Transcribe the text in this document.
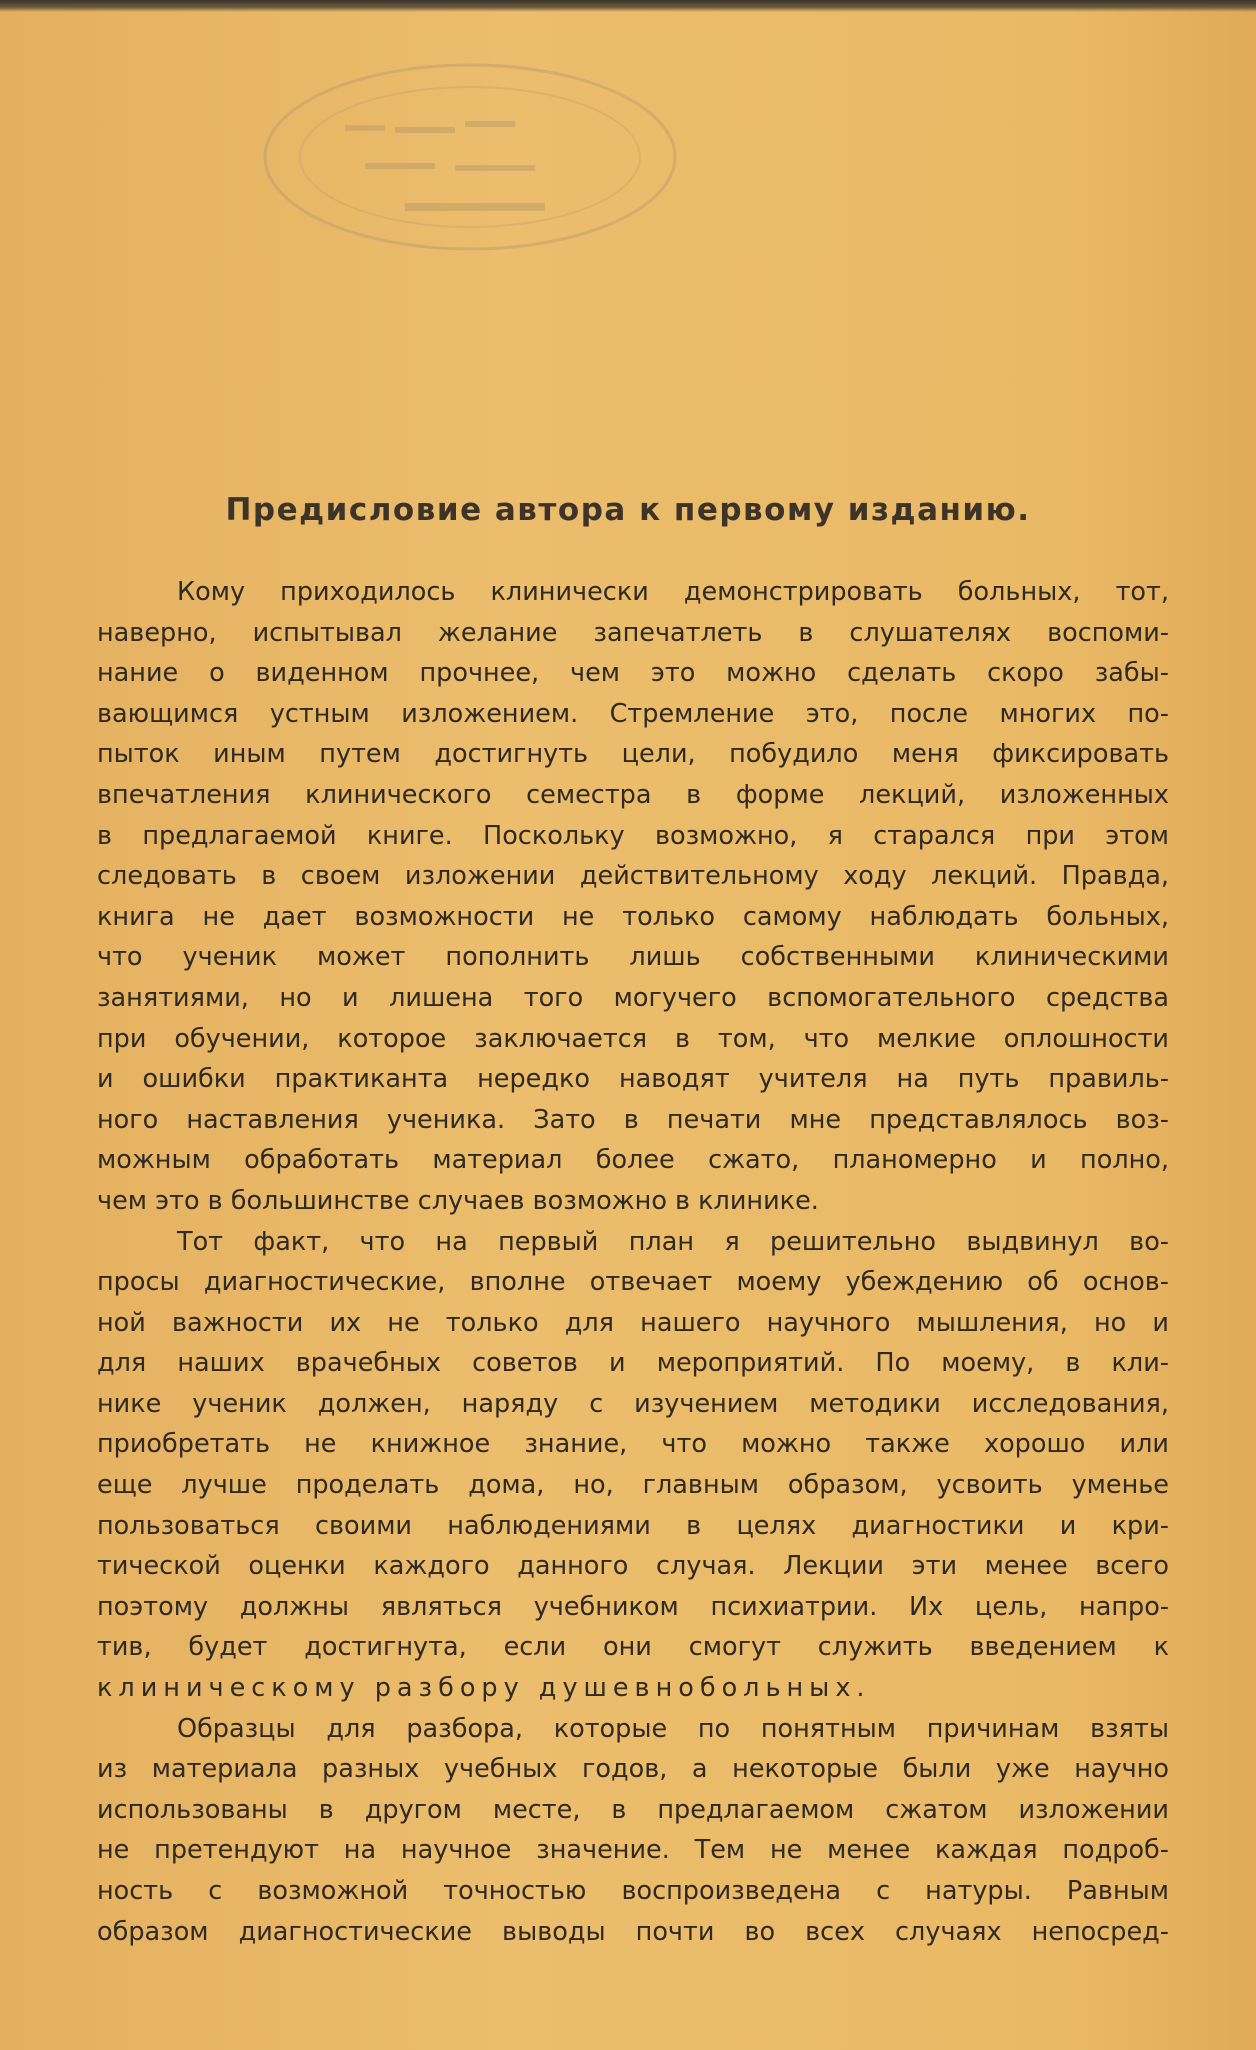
Предисловие автора к первому изданию.

Кому приходилось клинически демонстрировать больных, тот,

наверно, испытывал желание запечатлеть в слушателях воспоми-

нание о виденном прочнее, чем это можно сделать скоро забы-

вающимся устным изложением. Стремление это, после многих по-

пыток иным путем достигнуть цели, побудило меня фиксировать

впечатления клинического семестра в форме лекций, изложенных

в предлагаемой книге. Поскольку возможно, я старался при этом

следовать в своем изложении действительному ходу лекций. Правда,

книга не дает возможности не только самому наблюдать больных,

что ученик может пополнить лишь собственными клиническими

занятиями, но и лишена того могучего вспомогательного средства

при обучении, которое заключается в том, что мелкие оплошности

и ошибки практиканта нередко наводят учителя на путь правиль-

ного наставления ученика. Зато в печати мне представлялось воз-

можным обработать материал более сжато, планомерно и полно,

чем это в большинстве случаев возможно в клинике.

Тот факт, что на первый план я решительно выдвинул во-

просы диагностические, вполне отвечает моему убеждению об основ-

ной важности их не только для нашего научного мышления, но и

для наших врачебных советов и мероприятий. По моему, в кли-

нике ученик должен, наряду с изучением методики исследования,

приобретать не книжное знание, что можно также хорошо или

еще лучше проделать дома, но, главным образом, усвоить уменье

пользоваться своими наблюдениями в целях диагностики и кри-

тической оценки каждого данного случая. Лекции эти менее всего

поэтому должны являться учебником психиатрии. Их цель, напро-

тив, будет достигнута, если они смогут служить введением к

клиническому разбору душевнобольных.

Образцы для разбора, которые по понятным причинам взяты

из материала разных учебных годов, а некоторые были уже научно

использованы в другом месте, в предлагаемом сжатом изложении

не претендуют на научное значение. Тем не менее каждая подроб-

ность с возможной точностью воспроизведена с натуры. Равным

образом диагностические выводы почти во всех случаях непосред-
